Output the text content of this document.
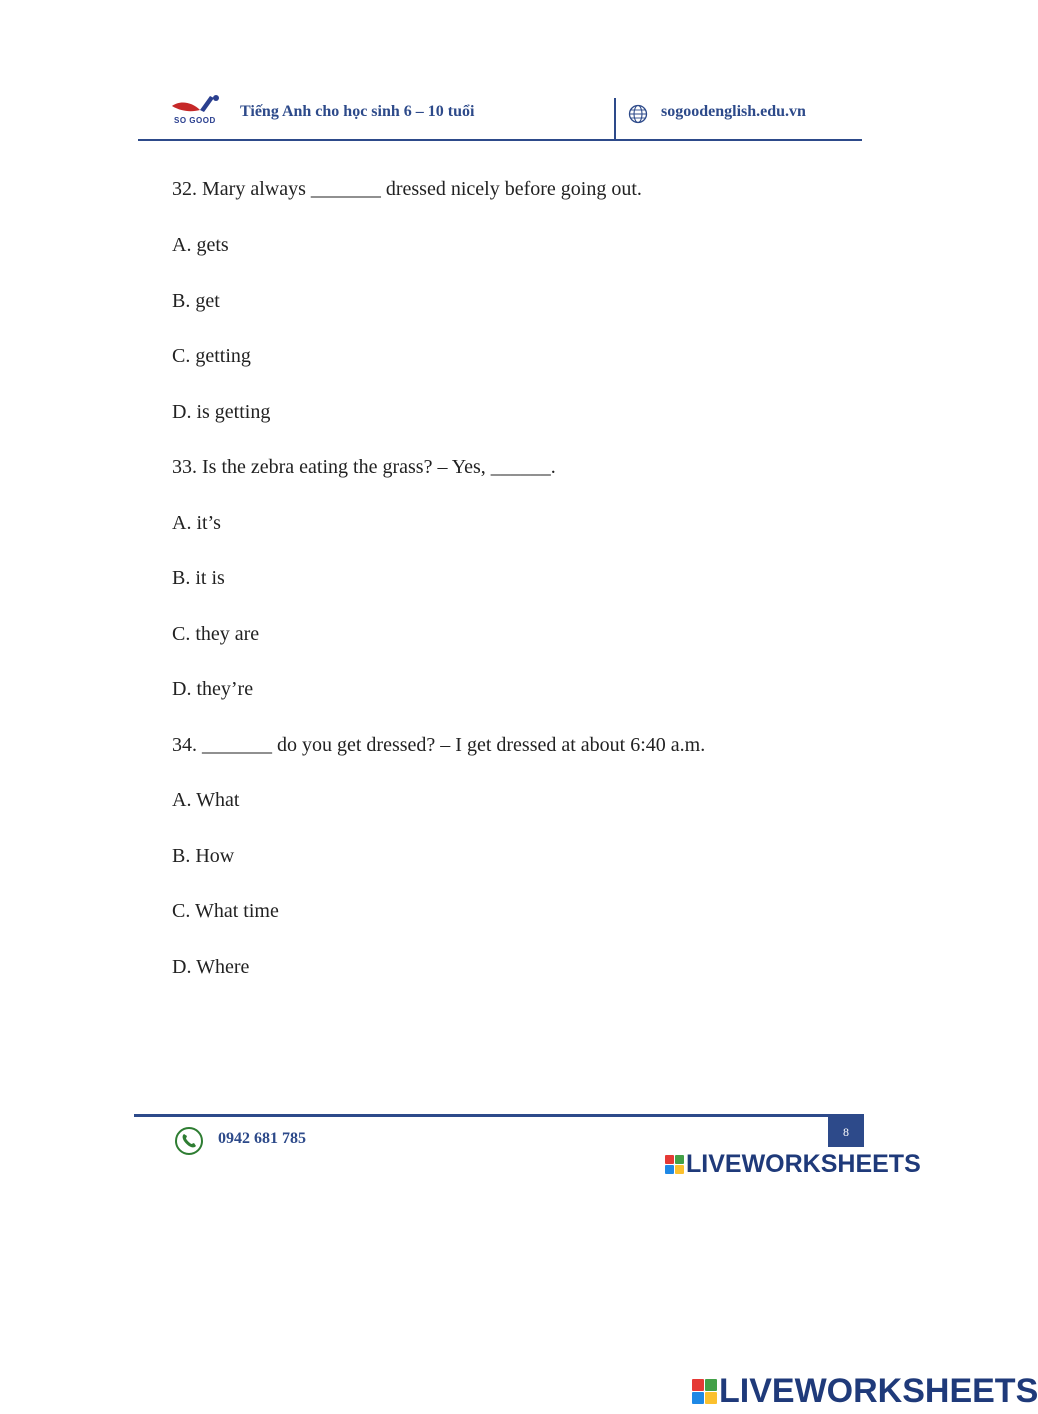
SO GOOD
Tiếng Anh cho học sinh 6 – 10 tuổi	sogoodenglish.edu.vn
32. Mary always _______ dressed nicely before going out.
A. gets
B. get
C. getting
D. is getting
33. Is the zebra eating the grass? – Yes, ______.
A. it’s
B. it is
C. they are
D. they’re
34. _______ do you get dressed? – I get dressed at about 6:40 a.m.
A. What
B. How
C. What time
D. Where
8
0942 681 785
LIVEWORKSHEETS
LIVEWORKSHEETS
